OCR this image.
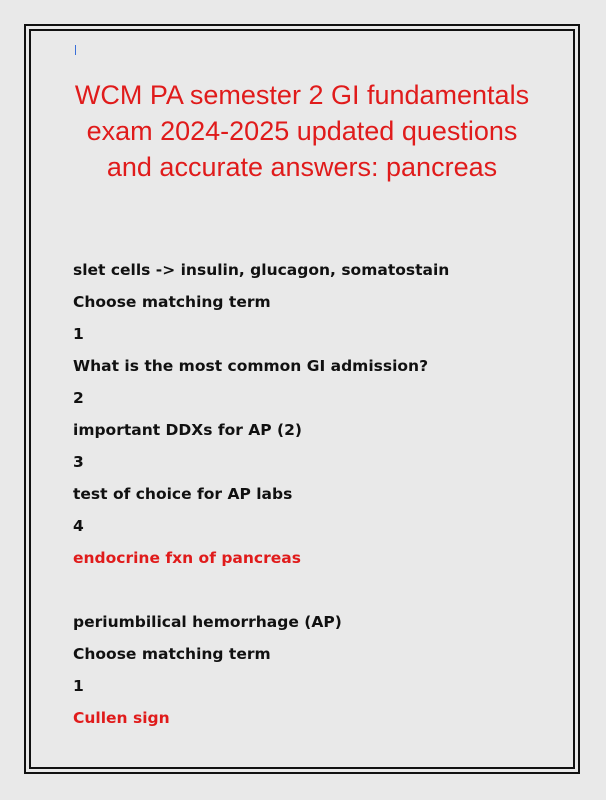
WCM PA semester 2 GI fundamentals exam 2024-2025 updated questions and accurate answers: pancreas
slet cells -> insulin, glucagon, somatostain
Choose matching term
1
What is the most common GI admission?
2
important DDXs for AP (2)
3
test of choice for AP labs
4
endocrine fxn of pancreas
periumbilical hemorrhage (AP)
Choose matching term
1
Cullen sign
